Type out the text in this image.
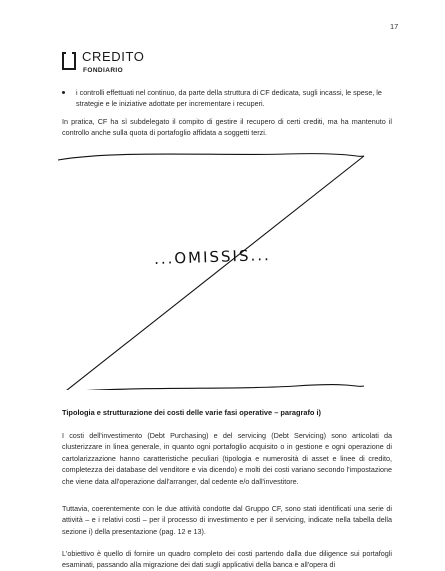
17
CREDITO
FONDIARIO
i controlli effettuati nel continuo, da parte della struttura di CF dedicata, sugli incassi, le spese, le strategie e le iniziative adottate per incrementare i recuperi.
In pratica, CF ha sì subdelegato il compito di gestire il recupero di certi crediti, ma ha mantenuto il controllo anche sulla quota di portafoglio affidata a soggetti terzi.
...OMISSIS...
Tipologia e strutturazione dei costi delle varie fasi operative – paragrafo i)
I costi dell'investimento (Debt Purchasing) e del servicing (Debt Servicing) sono articolati da clusterizzare in linea generale, in quanto ogni portafoglio acquisito o in gestione e ogni operazione di cartolarizzazione hanno caratteristiche peculiari (tipologia e numerosità di asset e linee di credito, completezza dei database del venditore e via dicendo) e molti dei costi variano secondo l'impostazione che viene data all'operazione dall'arranger, dal cedente e/o dall'investitore.
Tuttavia, coerentemente con le due attività condotte dal Gruppo CF, sono stati identificati una serie di attività – e i relativi costi – per il processo di investimento e per il servicing, indicate nella tabella della sezione i) della presentazione (pag. 12 e 13).
L'obiettivo è quello di fornire un quadro completo dei costi partendo dalla due diligence sui portafogli esaminati, passando alla migrazione dei dati sugli applicativi della banca e all'opera di
